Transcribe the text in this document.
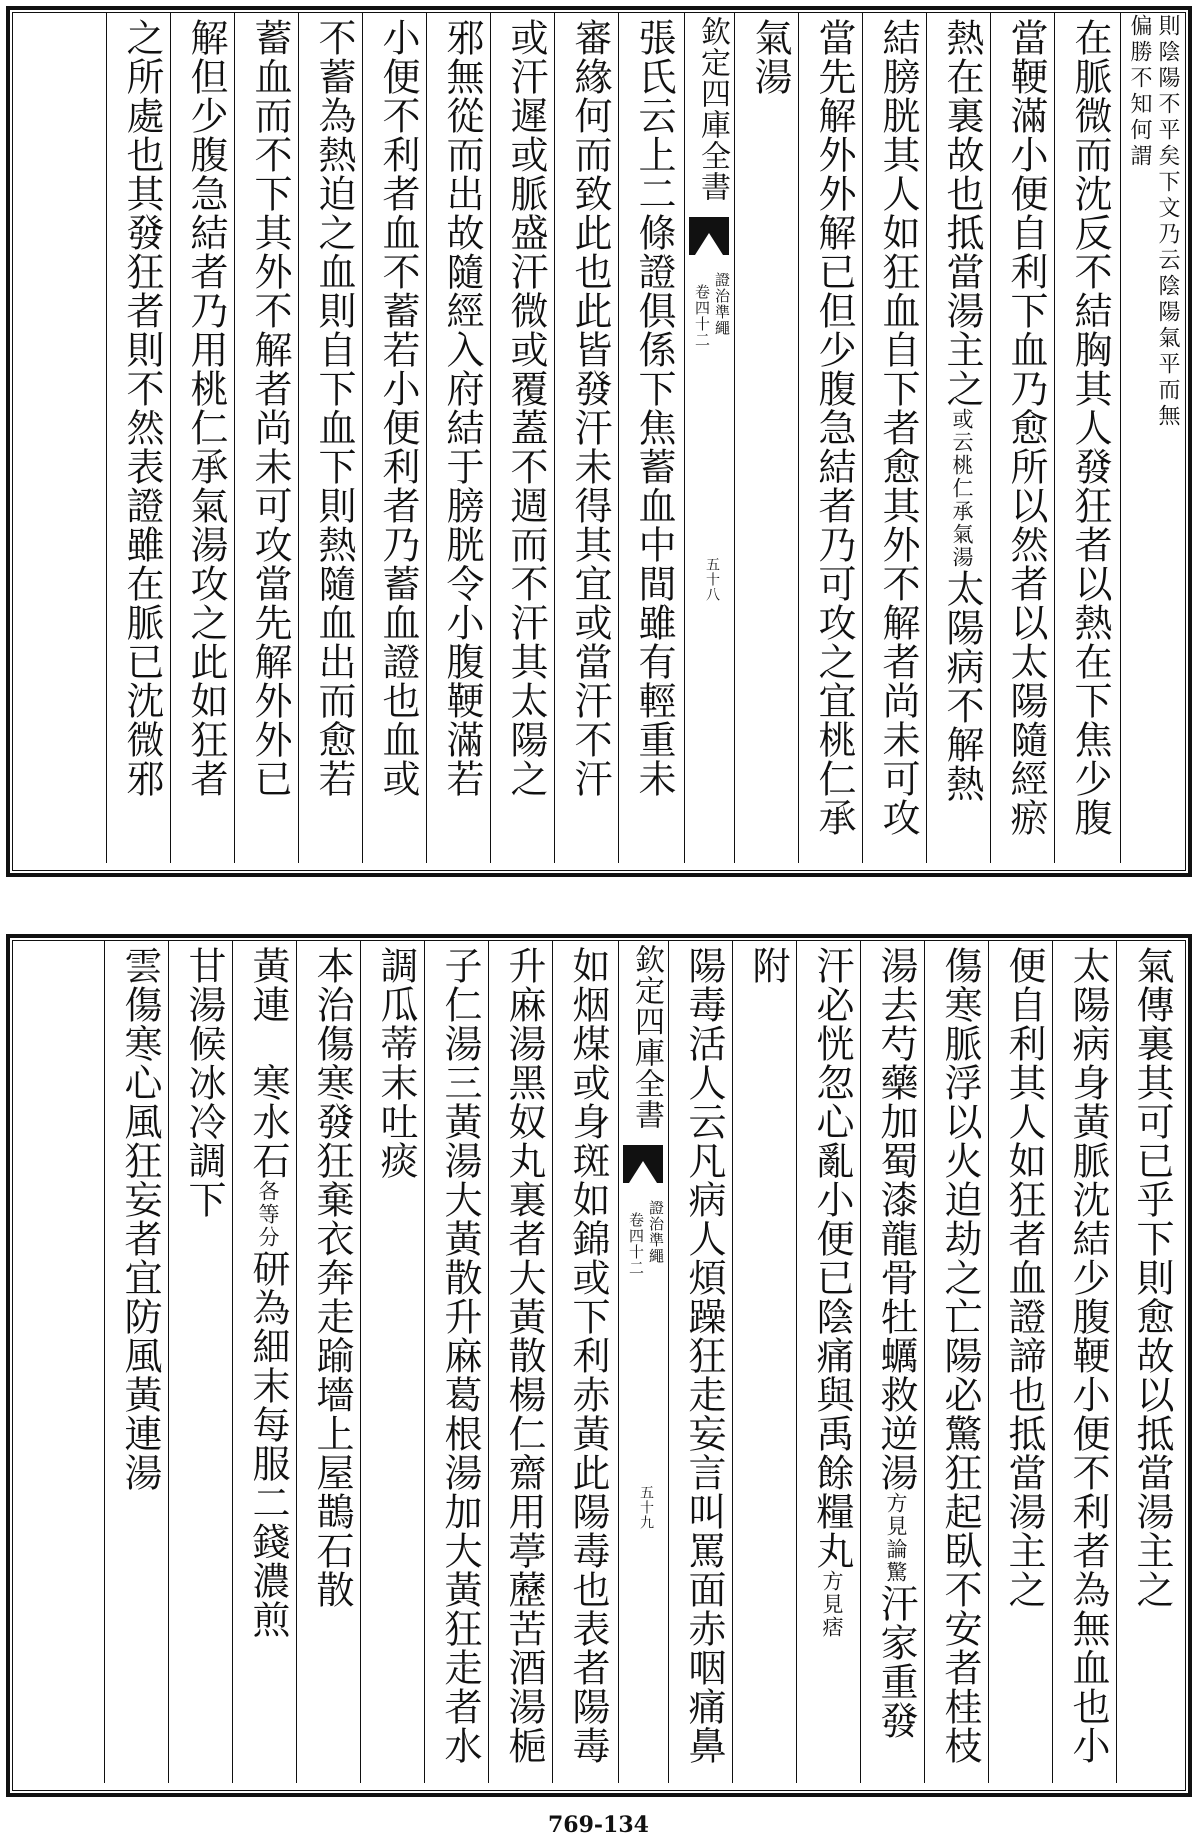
則陰陽不平矣下文乃云陰陽氣平而無偏勝不知何謂
在脈微而沈反不結胸其人發狂者以熱在下焦少腹
當鞕滿小便自利下血乃愈所以然者以太陽隨經瘀
熱在裏故也抵當湯主之或云桃仁承氣湯太陽病不解熱
結膀胱其人如狂血自下者愈其外不解者尚未可攻
當先解外外解已但少腹急結者乃可攻之宜桃仁承
氣湯
欽定四庫全書
證治準繩
卷四十二
五十八
張氏云上二條證俱係下焦蓄血中間雖有輕重未
審緣何而致此也此皆發汗未得其宜或當汗不汗
或汗遲或脈盛汗微或覆蓋不週而不汗其太陽之
邪無從而出故隨經入府結于膀胱令小腹鞕滿若
小便不利者血不蓄若小便利者乃蓄血證也血或
不蓄為熱迫之血則自下血下則熱隨血出而愈若
蓄血而不下其外不解者尚未可攻當先解外外已
解但少腹急結者乃用桃仁承氣湯攻之此如狂者
之所處也其發狂者則不然表證雖在脈已沈微邪
氣傳裏其可已乎下則愈故以抵當湯主之
太陽病身黃脈沈結少腹鞕小便不利者為無血也小
便自利其人如狂者血證諦也抵當湯主之
傷寒脈浮以火迫劫之亡陽必驚狂起臥不安者桂枝
湯去芍藥加蜀漆龍骨牡蠣救逆湯方見論驚汗家重發
汗必恍忽心亂小便已陰痛與禹餘糧丸方見痞
附
陽毒活人云凡病人煩躁狂走妄言叫罵面赤咽痛鼻
欽定四庫全書
證治準繩
卷四十二
五十九
如烟煤或身斑如錦或下利赤黃此陽毒也表者陽毒
升麻湯黑奴丸裏者大黃散楊仁齋用葶藶苦酒湯梔
子仁湯三黃湯大黃散升麻葛根湯加大黃狂走者水
調瓜蒂末吐痰
本治傷寒發狂棄衣奔走踰墻上屋鵲石散
黃連　寒水石各等分研為細末每服二錢濃煎
甘湯候冰冷調下
雲傷寒心風狂妄者宜防風黃連湯
769-134
